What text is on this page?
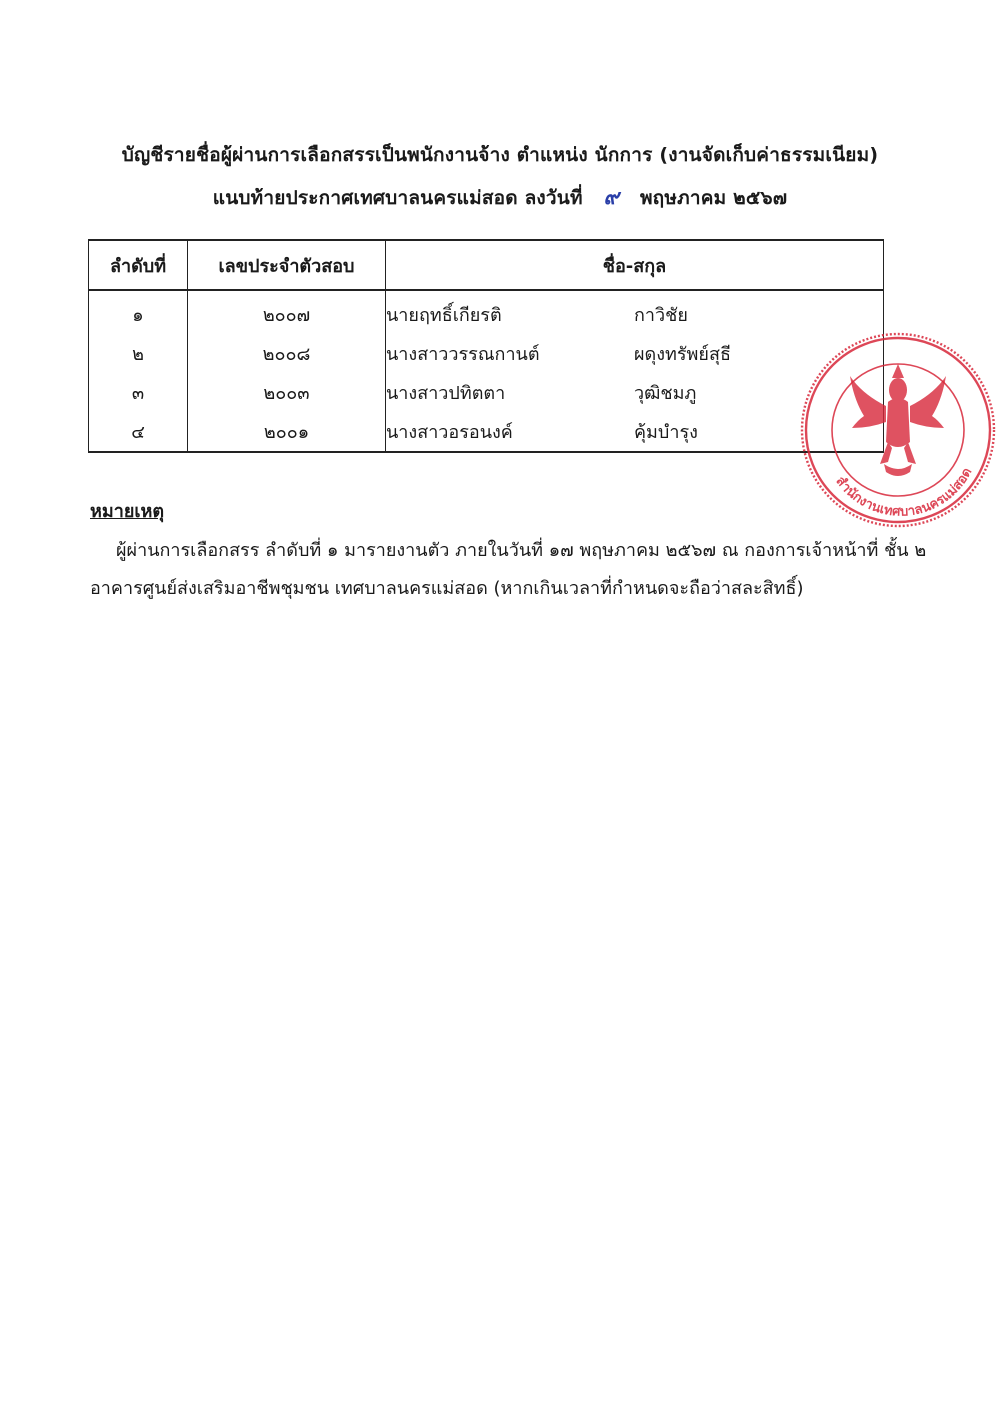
บัญชีรายชื่อผู้ผ่านการเลือกสรรเป็นพนักงานจ้าง ตำแหน่ง นักการ (งานจัดเก็บค่าธรรมเนียม)
แนบท้ายประกาศเทศบาลนครแม่สอด ลงวันที่ ๙ พฤษภาคม ๒๕๖๗
ลำดับที่	เลขประจำตัวสอบ	ชื่อ-สกุล
๑	๒๐๐๗	นายฤทธิ์เกียรติ กาวิชัย
๒	๒๐๐๘	นางสาววรรณกานต์ ผดุงทรัพย์สุธี
๓	๒๐๐๓	นางสาวปทิตตา วุฒิชมภู
๔	๒๐๐๑	นางสาวอรอนงค์ คุ้มบำรุง
สำนักงานเทศบาลนครแม่สอด
หมายเหตุ
ผู้ผ่านการเลือกสรร ลำดับที่ ๑ มารายงานตัว ภายในวันที่ ๑๗ พฤษภาคม ๒๕๖๗ ณ กองการเจ้าหน้าที่ ชั้น ๒
อาคารศูนย์ส่งเสริมอาชีพชุมชน เทศบาลนครแม่สอด (หากเกินเวลาที่กำหนดจะถือว่าสละสิทธิ์)
